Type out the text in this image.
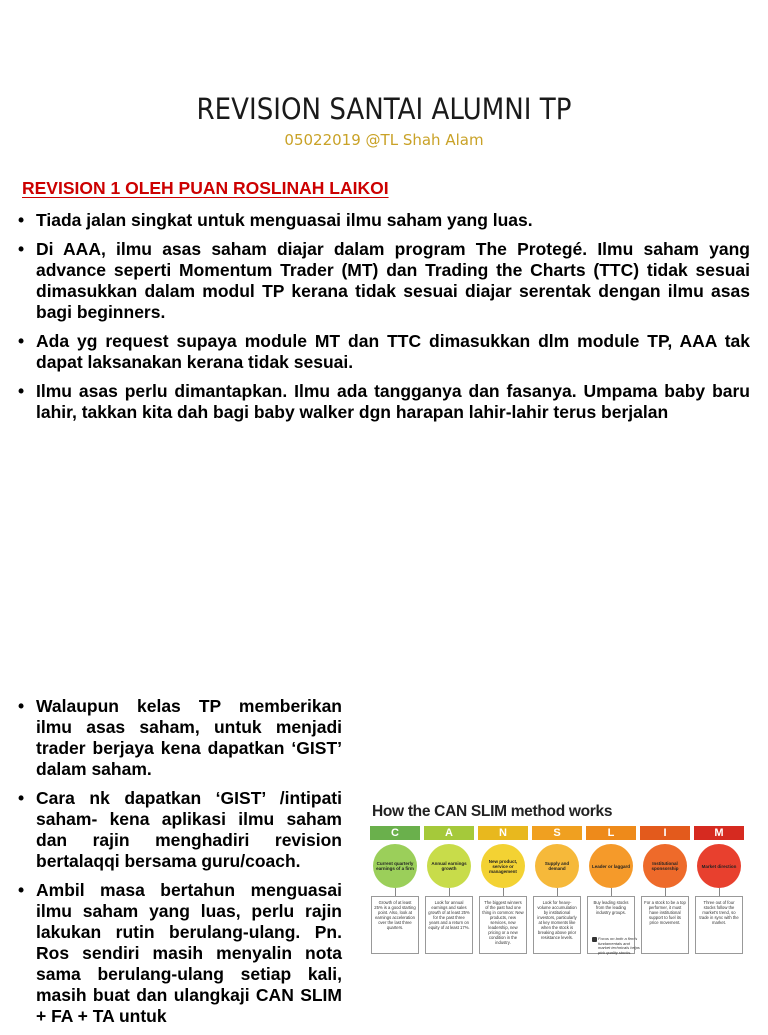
REVISION SANTAI ALUMNI TP
05022019 @TL Shah Alam
REVISION 1 OLEH PUAN ROSLINAH LAIKOI
• Tiada jalan singkat untuk menguasai ilmu saham yang luas.
• Di AAA, ilmu asas saham diajar dalam program The Protegé. Ilmu saham yang advance seperti Momentum Trader (MT) dan Trading the Charts (TTC) tidak sesuai dimasukkan dalam modul TP kerana tidak sesuai diajar serentak dengan ilmu asas bagi beginners.
• Ada yg request supaya module MT dan TTC dimasukkan dlm module TP, AAA tak dapat laksanakan kerana tidak sesuai.
• Ilmu asas perlu dimantapkan. Ilmu ada tangganya dan fasanya. Umpama baby baru lahir, takkan kita dah bagi baby walker dgn harapan lahir-lahir terus berjalan
• Walaupun kelas TP memberikan ilmu asas saham, untuk menjadi trader berjaya kena dapatkan ‘GIST’ dalam saham.
• Cara nk dapatkan ‘GIST’ /intipati saham- kena aplikasi ilmu saham dan rajin menghadiri revision bertalaqqi bersama guru/coach.
• Ambil masa bertahun menguasai ilmu saham yang luas, perlu rajin lakukan rutin berulang-ulang. Pn. Ros sendiri masih menyalin nota sama berulang-ulang setiap kali, masih buat dan ulangkaji CAN SLIM + FA + TA untuk
How the CAN SLIM method works
C
Current quarterly earnings of a firm
Growth of at least 25% is a good starting point. Also, look at earnings acceleration over the last three quarters.
A
Annual earnings growth
Look for annual earnings and sales growth of at least 25% for the past three years and a return on equity of at least 17%.
N
New product, service or management
The biggest winners of the past had one thing in common: New products, new services, new leadership, new pricing or a new condition in the industry.
S
Supply and demand
Look for heavy-volume accumulation by institutional investors, particularly at key moments like when the stock is breaking above prior resistance levels.
L
Leader or laggard
Buy leading stocks from the leading industry groups.
I
Institutional sponsorship
For a stock to be a top performer, it must have institutional support to fuel its price movement.
M
Market direction
Three out of four stocks follow the market's trend, so trade in sync with the market.
Focus on both a firm's fundamentals and market technicals helps pick quality stocks.
